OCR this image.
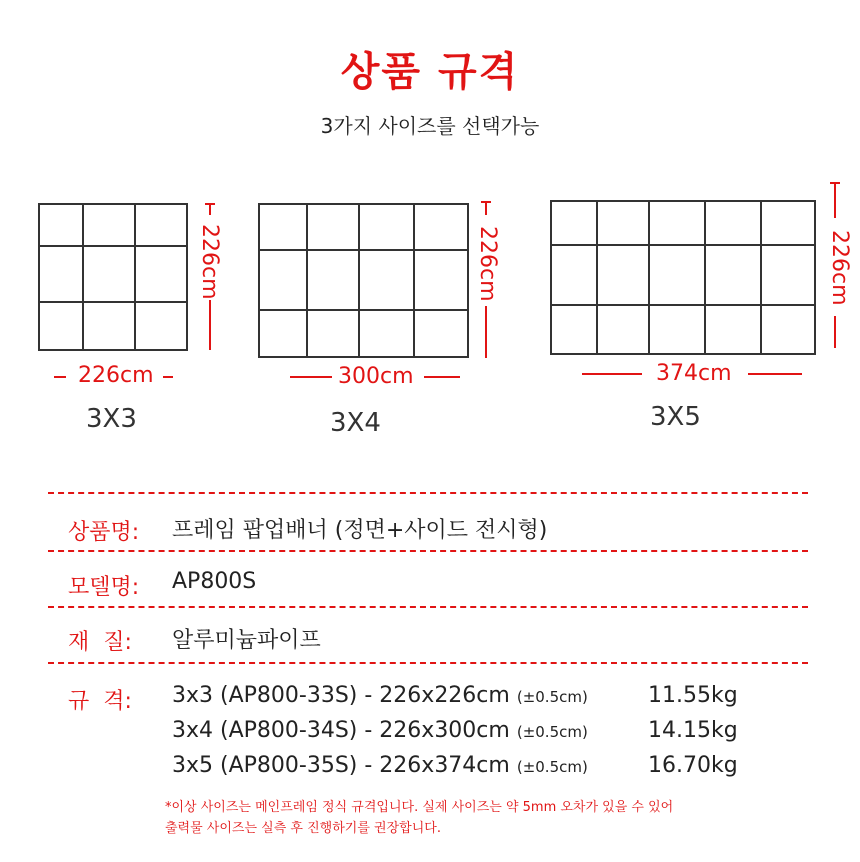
상품 규격
3가지 사이즈를 선택가능
226cm
226cm
3X3
226cm
300cm
3X4
226cm
374cm
3X5
상품명: 프레임 팝업배너 (정면+사이드 전시형)
모델명: AP800S
재  질: 알루미늄파이프
규  격: 3x3 (AP800-33S) - 226x226cm (±0.5cm)	11.55kg
3x4 (AP800-34S) - 226x300cm (±0.5cm)	14.15kg
3x5 (AP800-35S) - 226x374cm (±0.5cm)	16.70kg
*이상 사이즈는 메인프레임 정식 규격입니다. 실제 사이즈는 약 5mm 오차가 있을 수 있어
출력물 사이즈는 실측 후 진행하기를 권장합니다.
